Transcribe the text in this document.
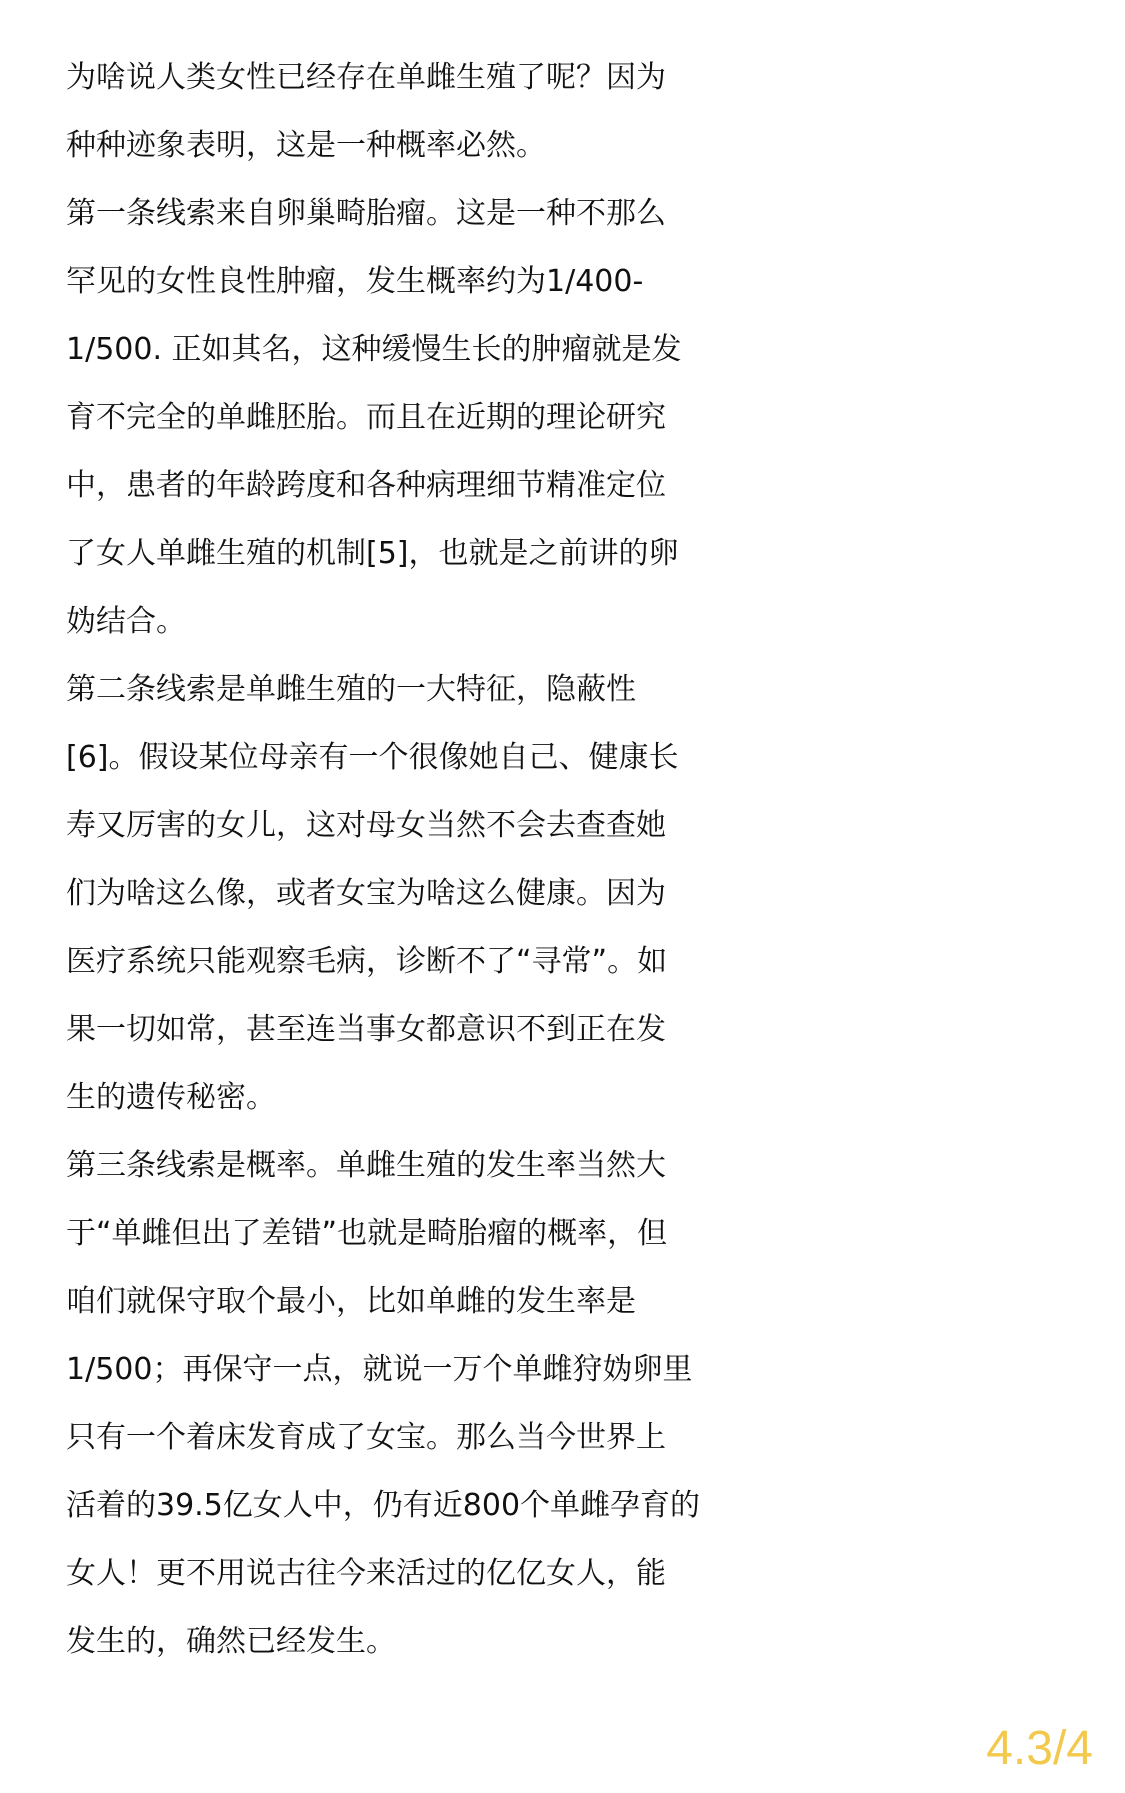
为啥说人类女性已经存在单雌生殖了呢？因为
种种迹象表明，这是一种概率必然。
第一条线索来自卵巢畸胎瘤。这是一种不那么
罕见的女性良性肿瘤，发生概率约为1/400-
1/500. 正如其名，这种缓慢生长的肿瘤就是发
育不完全的单雌胚胎。而且在近期的理论研究
中，患者的年龄跨度和各种病理细节精准定位
了女人单雌生殖的机制[5]，也就是之前讲的卵
妫结合。
第二条线索是单雌生殖的一大特征，隐蔽性
[6]。假设某位母亲有一个很像她自己、健康长
寿又厉害的女儿，这对母女当然不会去查查她
们为啥这么像，或者女宝为啥这么健康。因为
医疗系统只能观察毛病，诊断不了“寻常”。如
果一切如常，甚至连当事女都意识不到正在发
生的遗传秘密。
第三条线索是概率。单雌生殖的发生率当然大
于“单雌但出了差错”也就是畸胎瘤的概率，但
咱们就保守取个最小，比如单雌的发生率是
1/500；再保守一点，就说一万个单雌狩妫卵里
只有一个着床发育成了女宝。那么当今世界上
活着的39.5亿女人中，仍有近800个单雌孕育的
女人！更不用说古往今来活过的亿亿女人，能
发生的，确然已经发生。
4.3/4
